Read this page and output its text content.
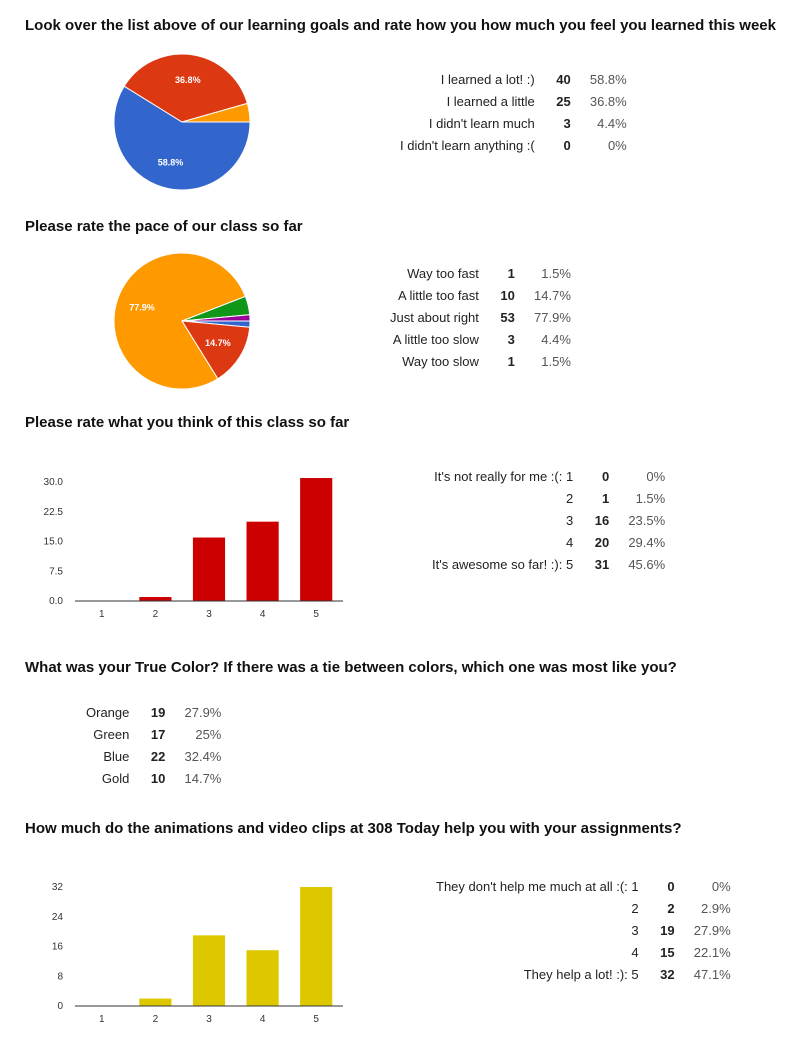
Look over the list above of our learning goals and rate how you how much you feel you learned this week
58.8%
36.8%	I learned a lot! :)	40	58.8%
I learned a little	25	36.8%
I didn't learn much	3	4.4%
I didn't learn anything :(	0	0%
Please rate the pace of our class so far
14.7%
77.9%
Way too fast	1	1.5%
A little too fast	10	14.7%
Just about right	53	77.9%
A little too slow	3	4.4%
Way too slow	1	1.5%
Please rate what you think of this class so far
0.0
7.5
15.0
22.5
30.0
1	2	3	4	5
It's not really for me :(: 1	0	0%
2	1	1.5%
3	16	23.5%
4	20	29.4%
It's awesome so far! :): 5	31	45.6%
What was your True Color? If there was a tie between colors, which one was most like you?
Orange	19	27.9%
Green	17	25%
Blue	22	32.4%
Gold	10	14.7%
How much do the animations and video clips at 308 Today help you with your assignments?
0
8
16
24
32
1	2	3	4	5
They don't help me much at all :(: 1	0	0%
2	2	2.9%
3	19	27.9%
4	15	22.1%
They help a lot! :): 5	32	47.1%
